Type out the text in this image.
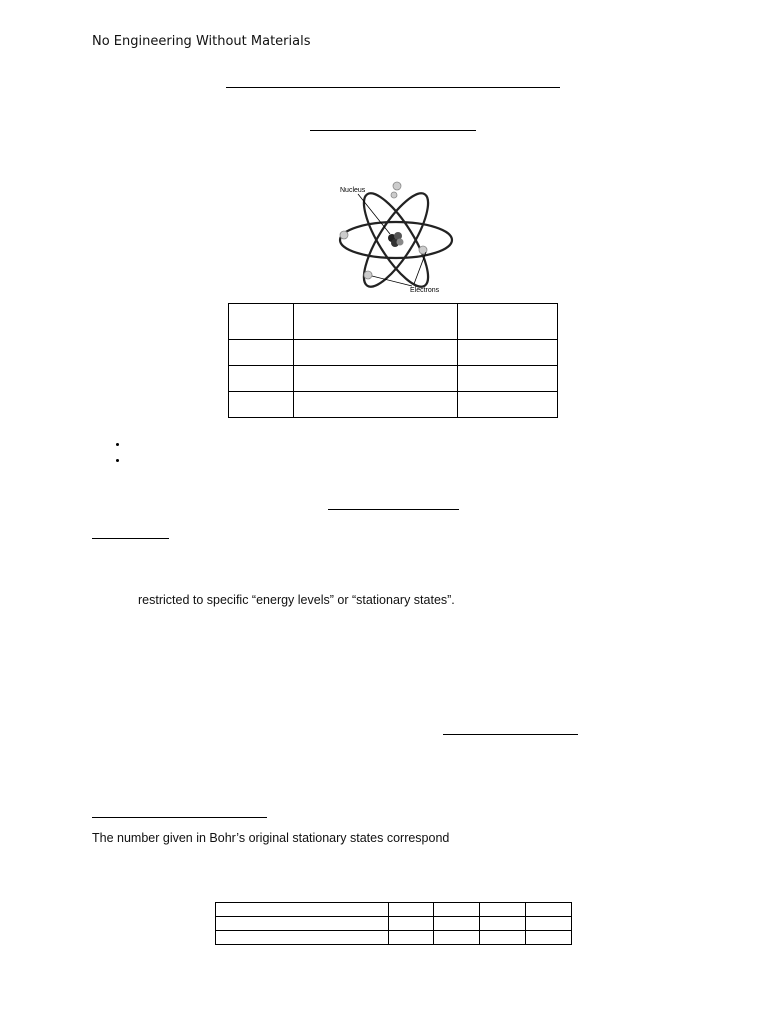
No Engineering Without Materials
Nucleus
Electrons

restricted to specific “energy levels” or “stationary states”.
The number given in Bohr’s original stationary states correspond
